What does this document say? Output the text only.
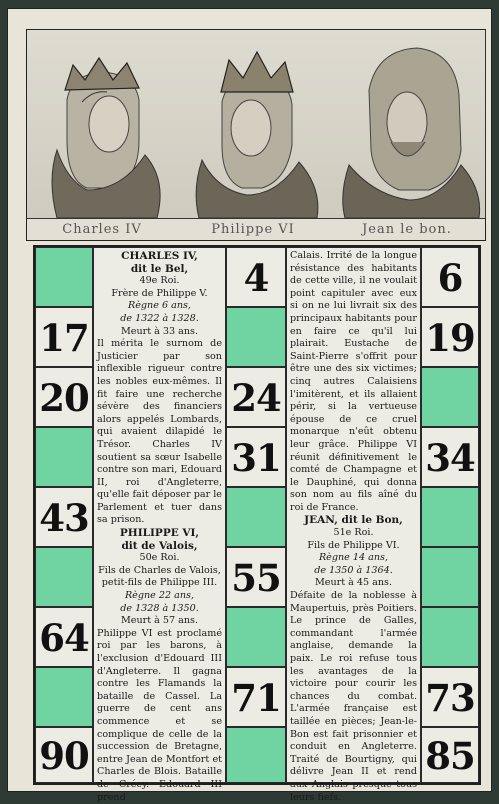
Charles IV	Philippe VI	Jean le bon.
17
20
43
64
90

CHARLES IV,

dit le Bel,

49e Roi.

Frère de Philippe V.

Règne 6 ans,

de 1322 à 1328.

Meurt à 33 ans.

Il mérita le surnom de Justicier par son inflexible rigueur contre les nobles eux-mêmes. Il fit faire une recherche sévère des financiers alors appelés Lombards, qui avaient dilapidé le Trésor. Charles IV soutient sa sœur Isabelle contre son mari, Edouard II, roi d'Angleterre, qu'elle fait déposer par le Parlement et tuer dans sa prison.

PHILIPPE VI,

dit de Valois,

50e Roi.

Fils de Charles de Valois, petit-fils de Philippe III.

Règne 22 ans,

de 1328 à 1350.

Meurt à 57 ans.

Philippe VI est proclamé roi par les barons, à l'exclusion d'Edouard III d'Angleterre. Il gagna contre les Flamands la bataille de Cassel. La guerre de cent ans commence et se complique de celle de la succession de Bretagne, entre Jean de Montfort et Charles de Blois. Bataille de Crécy. Edouard III prend

4
24
31
55
71

Calais. Irrité de la longue résistance des habitants de cette ville, il ne voulait point capituler avec eux si on ne lui livrait six des principaux habitants pour en faire ce qu'il lui plairait. Eustache de Saint-Pierre s'offrit pour être une des six victimes; cinq autres Calaisiens l'imitèrent, et ils allaient périr, si la vertueuse épouse de ce cruel monarque n'eût obtenu leur grâce. Philippe VI réunit définitivement le comté de Champagne et le Dauphiné, qui donna son nom au fils aîné du roi de France.

JEAN, dit le Bon,

51e Roi.

Fils de Philippe VI.

Règne 14 ans,

de 1350 à 1364.

Meurt à 45 ans.

Défaite de la noblesse à Maupertuis, près Poitiers. Le prince de Galles, commandant l'armée anglaise, demande la paix. Le roi refuse tous les avantages de la victoire pour courir les chances du combat. L'armée française est taillée en pièces; Jean-le-Bon est fait prisonnier et conduit en Angleterre. Traité de Bourtigny, qui délivre Jean II et rend aux Anglais presque tous leurs fiefs.

6
19
34
73
85
